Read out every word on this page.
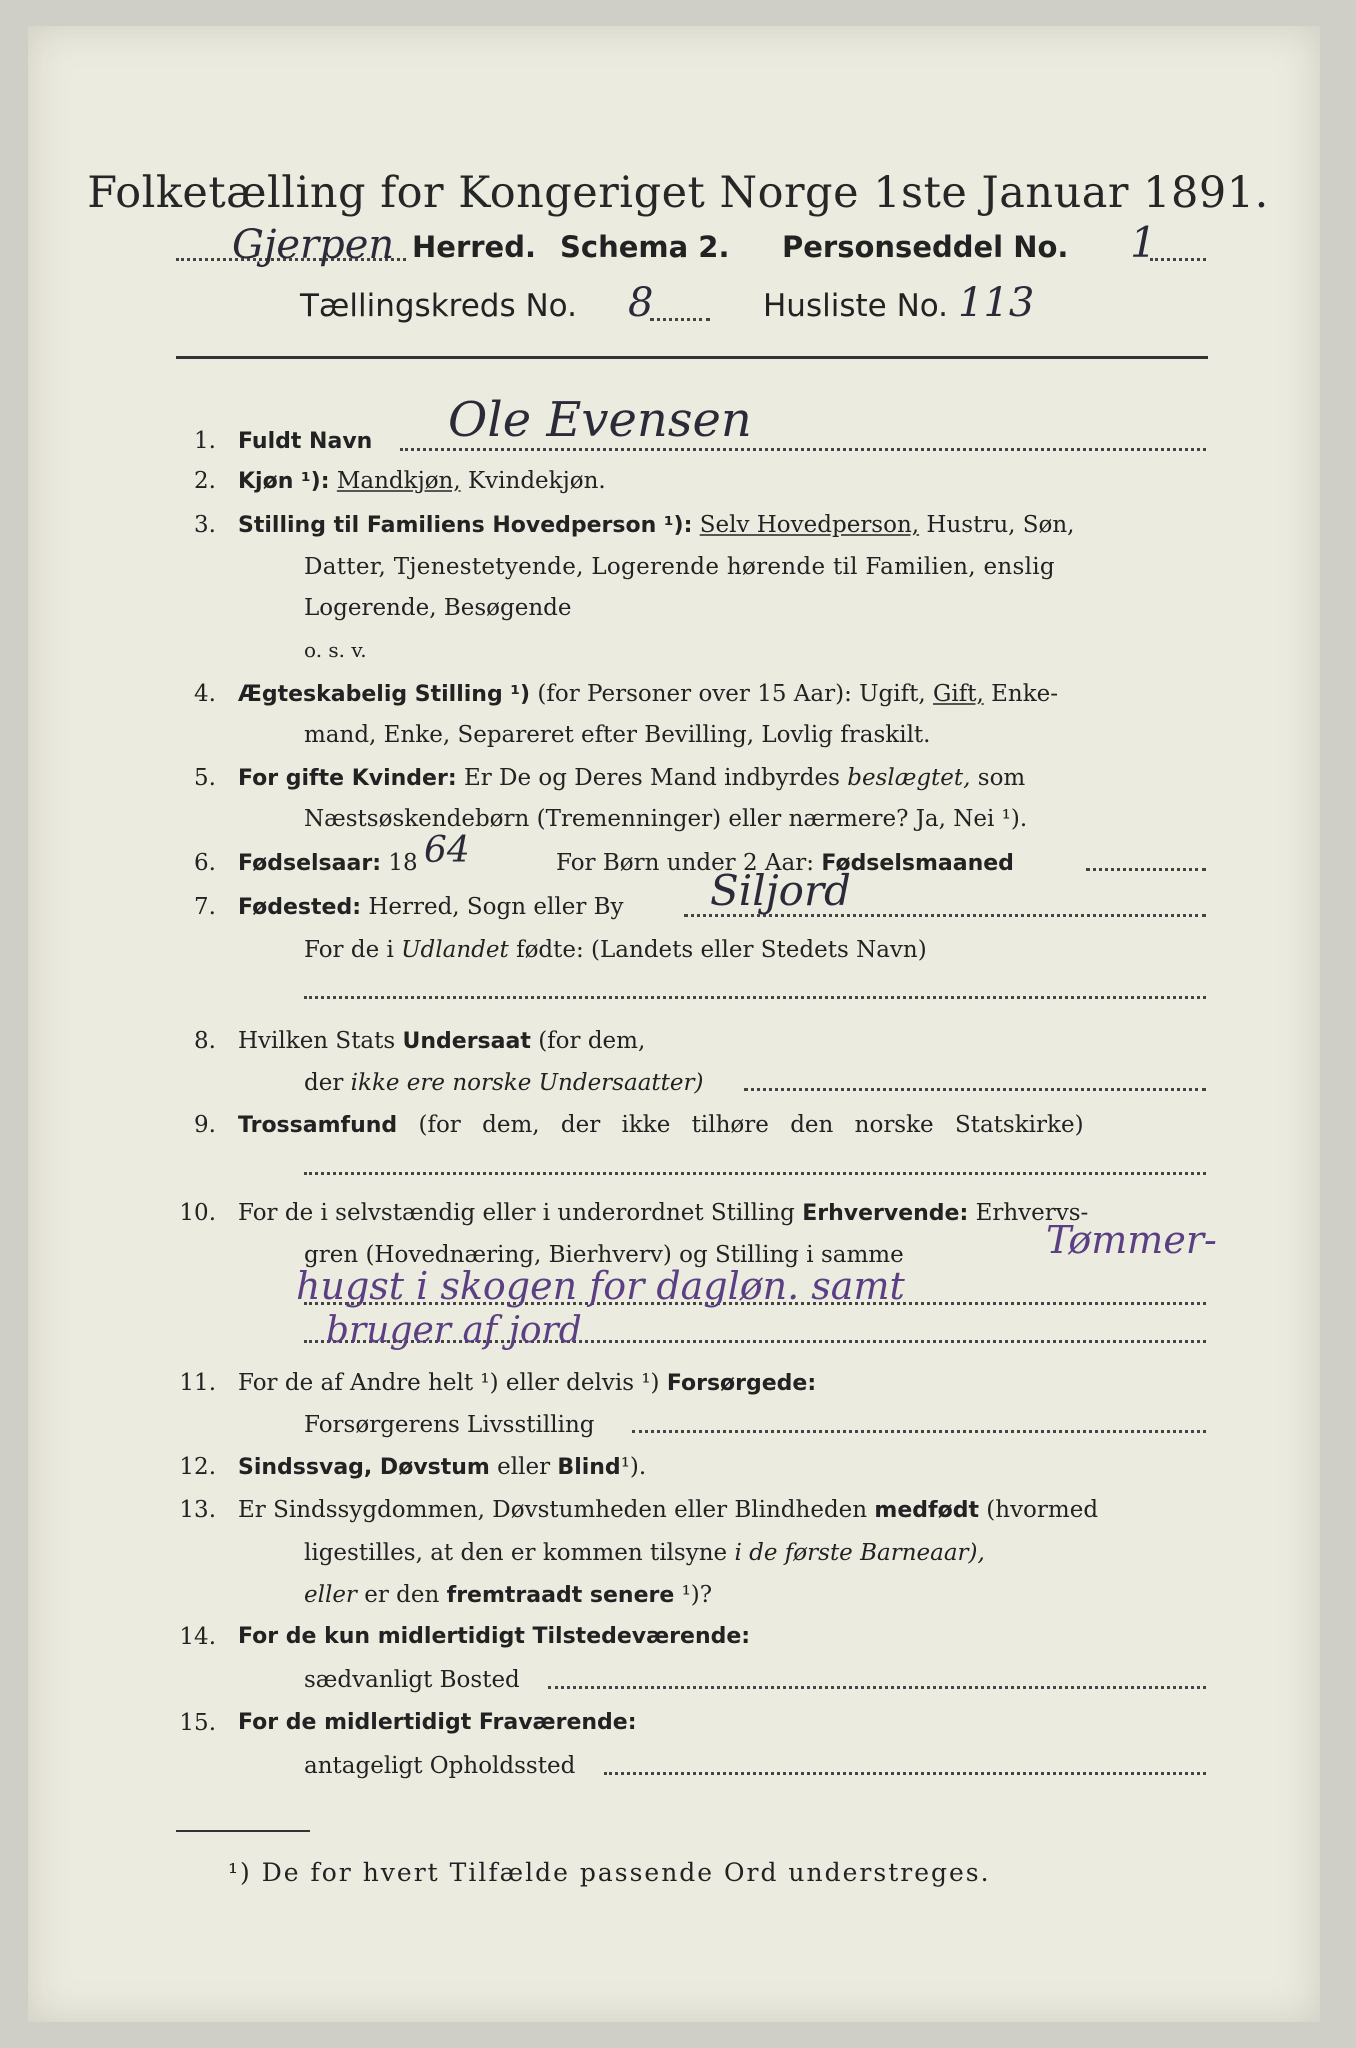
Folketælling for Kongeriget Norge 1ste Januar 1891.
Gjerpen Herred. Schema 2. Personseddel No. 1
Tællingskreds No. 8	Husliste No. 113
1. Fuldt Navn Ole Evensen
2. Kjøn ¹): Mandkjøn, Kvindekjøn.
3. Stilling til Familiens Hovedperson ¹): Selv Hovedperson, Hustru, Søn,
Datter, Tjenestetyende, Logerende hørende til Familien, enslig
Logerende, Besøgende
o. s. v.
4. Ægteskabelig Stilling ¹) (for Personer over 15 Aar): Ugift, Gift, Enke-
mand, Enke, Separeret efter Bevilling, Lovlig fraskilt.
5. For gifte Kvinder: Er De og Deres Mand indbyrdes beslægtet, som
Næstsøskendebørn (Tremenninger) eller nærmere? Ja, Nei ¹).
6. Fødselsaar: 18 64	For Børn under 2 Aar: Fødselsmaaned
7. Fødested: Herred, Sogn eller By Siljord
For de i Udlandet fødte: (Landets eller Stedets Navn)
8. Hvilken Stats Undersaat (for dem,
der ikke ere norske Undersaatter)
9. Trossamfund (for dem, der ikke tilhøre den norske Statskirke)
10. For de i selvstændig eller i underordnet Stilling Erhvervende: Erhvervs-
gren (Hovednæring, Bierhverv) og Stilling i samme	Tømmer-
hugst i skogen for dagløn. samt
bruger af jord
11. For de af Andre helt ¹) eller delvis ¹) Forsørgede:
Forsørgerens Livsstilling
12. Sindssvag, Døvstum eller Blind¹).
13. Er Sindssygdommen, Døvstumheden eller Blindheden medfødt (hvormed
ligestilles, at den er kommen tilsyne i de første Barneaar),
eller er den fremtraadt senere ¹)?
14. For de kun midlertidigt Tilstedeværende:
sædvanligt Bosted
15. For de midlertidigt Fraværende:
antageligt Opholdssted
¹) De for hvert Tilfælde passende Ord understreges.
